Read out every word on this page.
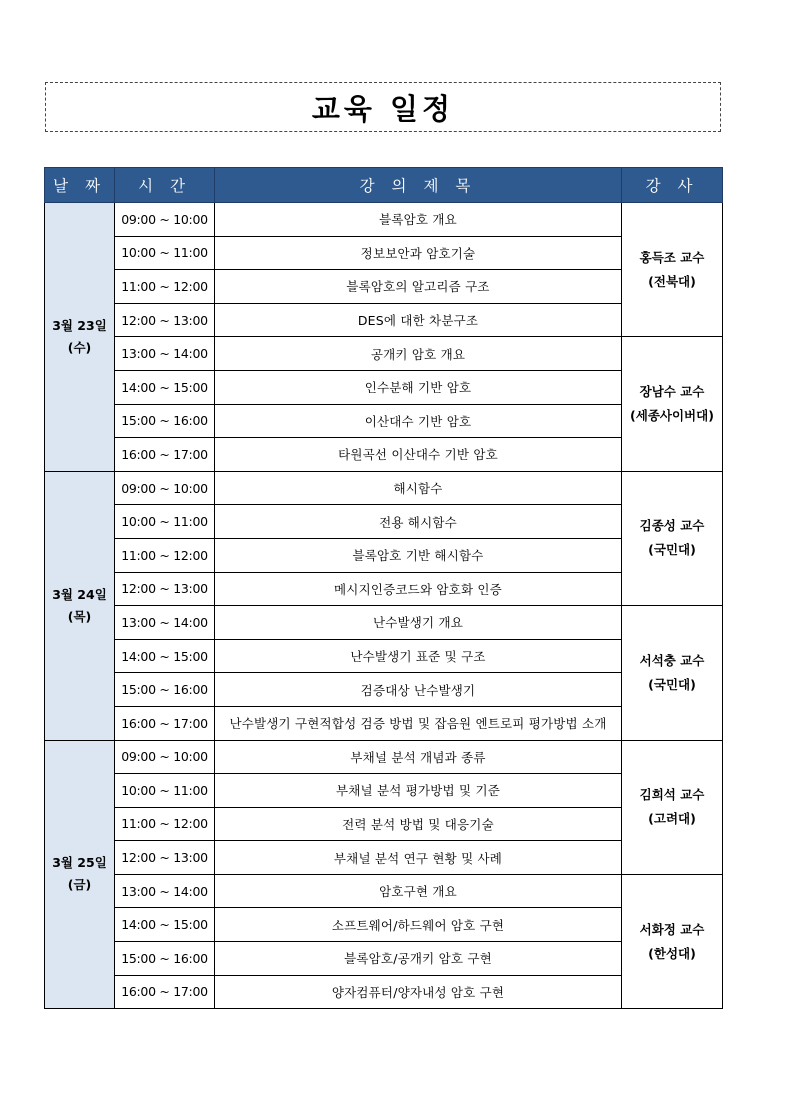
교육 일정
날 짜	시 간	강 의 제 목	강 사

3월 23일
(수)	09:00 ~ 10:00	블록암호 개요	홍득조 교수
(전북대)

	10:00 ~ 11:00	정보보안과 암호기술	
	11:00 ~ 12:00	블록암호의 알고리즘 구조	
	12:00 ~ 13:00	DES에 대한 차분구조	
	13:00 ~ 14:00	공개키 암호 개요	장남수 교수
(세종사이버대)

	14:00 ~ 15:00	인수분해 기반 암호	
	15:00 ~ 16:00	이산대수 기반 암호	
	16:00 ~ 17:00	타원곡선 이산대수 기반 암호	

3월 24일
(목)	09:00 ~ 10:00	해시함수	김종성 교수
(국민대)

	10:00 ~ 11:00	전용 해시함수	
	11:00 ~ 12:00	블록암호 기반 해시함수	
	12:00 ~ 13:00	메시지인증코드와 암호화 인증	
	13:00 ~ 14:00	난수발생기 개요	서석충 교수
(국민대)

	14:00 ~ 15:00	난수발생기 표준 및 구조	
	15:00 ~ 16:00	검증대상 난수발생기	
	16:00 ~ 17:00	난수발생기 구현적합성 검증 방법 및 잡음원 엔트로피 평가방법 소개	

3월 25일
(금)	09:00 ~ 10:00	부채널 분석 개념과 종류	김희석 교수
(고려대)

	10:00 ~ 11:00	부채널 분석 평가방법 및 기준	
	11:00 ~ 12:00	전력 분석 방법 및 대응기술	
	12:00 ~ 13:00	부채널 분석 연구 현황 및 사례	
	13:00 ~ 14:00	암호구현 개요	서화정 교수
(한성대)

	14:00 ~ 15:00	소프트웨어/하드웨어 암호 구현	
	15:00 ~ 16:00	블록암호/공개키 암호 구현	
	16:00 ~ 17:00	양자컴퓨터/양자내성 암호 구현	
